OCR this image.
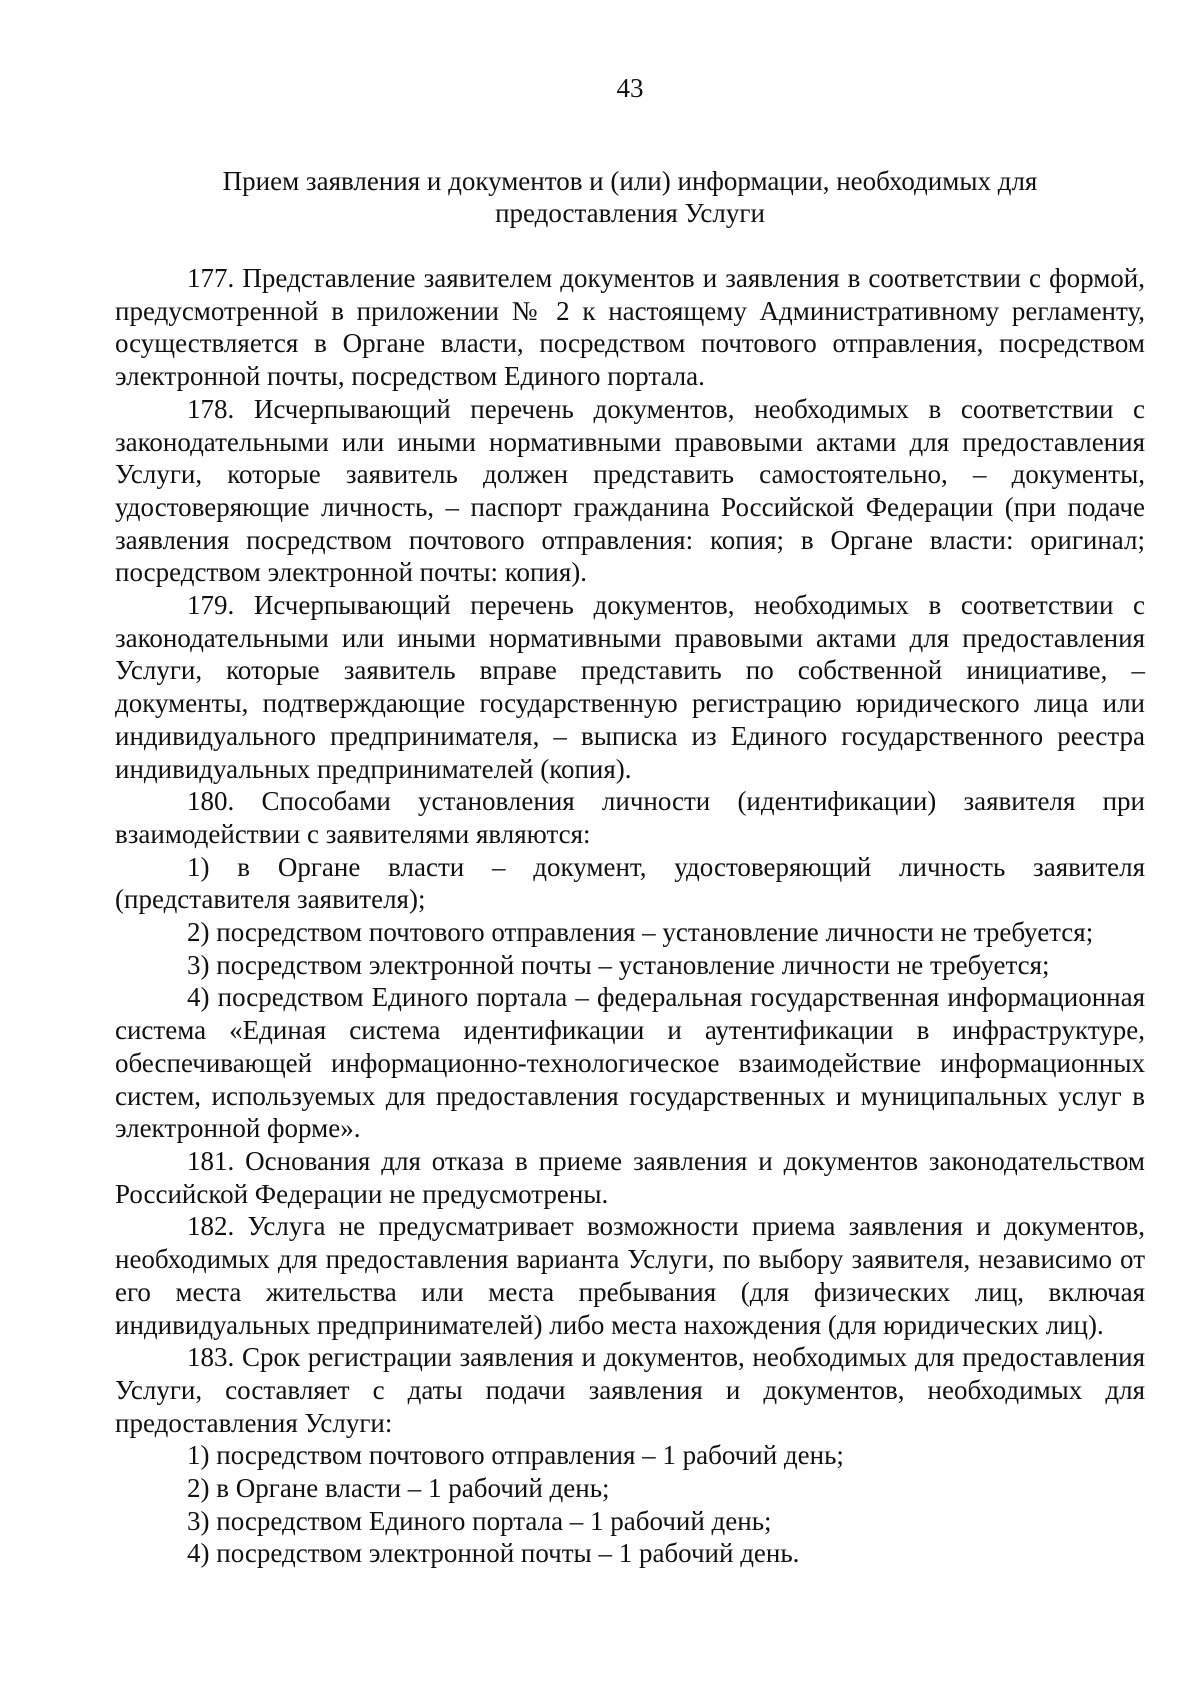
43
Прием заявления и документов и (или) информации, необходимых для
предоставления Услуги

177. Представление заявителем документов и заявления в соответствии с формой, предусмотренной в приложении № 2 к настоящему Административному регламенту, осуществляется в Органе власти, посредством почтового отправления, посредством электронной почты, посредством Единого портала.

178. Исчерпывающий перечень документов, необходимых в соответствии с законодательными или иными нормативными правовыми актами для предоставления Услуги, которые заявитель должен представить самостоятельно, – документы, удостоверяющие личность, – паспорт гражданина Российской Федерации (при подаче заявления посредством почтового отправления: копия; в Органе власти: оригинал; посредством электронной почты: копия).

179. Исчерпывающий перечень документов, необходимых в соответствии с законодательными или иными нормативными правовыми актами для предоставления Услуги, которые заявитель вправе представить по собственной инициативе, – документы, подтверждающие государственную регистрацию юридического лица или индивидуального предпринимателя, – выписка из Единого государственного реестра индивидуальных предпринимателей (копия).

180. Способами установления личности (идентификации) заявителя при взаимодействии с заявителями являются:

1) в Органе власти – документ, удостоверяющий личность заявителя (представителя заявителя);

2) посредством почтового отправления – установление личности не требуется;

3) посредством электронной почты – установление личности не требуется;

4) посредством Единого портала – федеральная государственная информационная система «Единая система идентификации и аутентификации в инфраструктуре, обеспечивающей информационно-технологическое взаимодействие информационных систем, используемых для предоставления государственных и муниципальных услуг в электронной форме».

181. Основания для отказа в приеме заявления и документов законодательством Российской Федерации не предусмотрены.

182. Услуга не предусматривает возможности приема заявления и документов, необходимых для предоставления варианта Услуги, по выбору заявителя, независимо от его места жительства или места пребывания (для физических лиц, включая индивидуальных предпринимателей) либо места нахождения (для юридических лиц).

183. Срок регистрации заявления и документов, необходимых для предоставления Услуги, составляет с даты подачи заявления и документов, необходимых для предоставления Услуги:

1) посредством почтового отправления – 1 рабочий день;

2) в Органе власти – 1 рабочий день;

3) посредством Единого портала – 1 рабочий день;

4) посредством электронной почты – 1 рабочий день.
